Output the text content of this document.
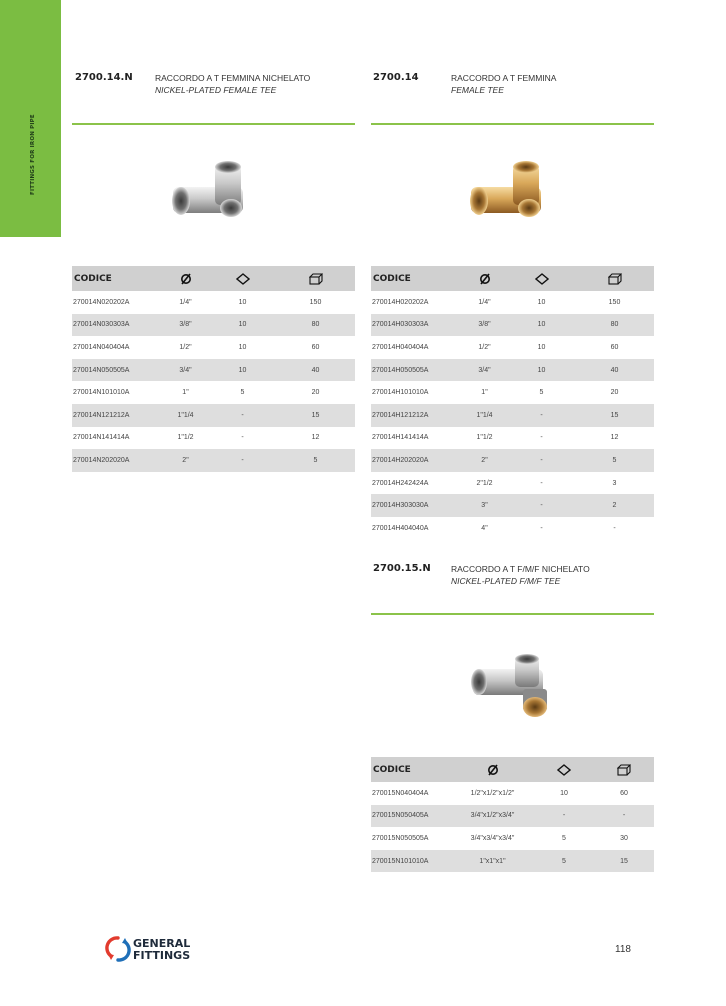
FITTINGS FOR IRON PIPE
2700.14.N	RACCORDO A T FEMMINA NICHELATO
NICKEL-PLATED FEMALE TEE
2700.14	RACCORDO A T FEMMINA
FEMALE TEE
CODICE			
270014N020202A	1/4"	10	150
270014N030303A	3/8"	10	80
270014N040404A	1/2"	10	60
270014N050505A	3/4"	10	40
270014N101010A	1"	5	20
270014N121212A	1"1/4	-	15
270014N141414A	1"1/2	-	12
270014N202020A	2"	-	5
CODICE			
270014H020202A	1/4"	10	150
270014H030303A	3/8"	10	80
270014H040404A	1/2"	10	60
270014H050505A	3/4"	10	40
270014H101010A	1"	5	20
270014H121212A	1"1/4	-	15
270014H141414A	1"1/2	-	12
270014H202020A	2"	-	5
270014H242424A	2"1/2	-	3
270014H303030A	3"	-	2
270014H404040A	4"	-	-
2700.15.N RACCORDO A T F/M/F NICHELATO
NICKEL-PLATED F/M/F TEE
CODICE			
270015N040404A	1/2"x1/2"x1/2"	10	60
270015N050405A	3/4"x1/2"x3/4"	-	-
270015N050505A	3/4"x3/4"x3/4"	5	30
270015N101010A	1"x1"x1"	5	15
GENERAL
FITTINGS	118
